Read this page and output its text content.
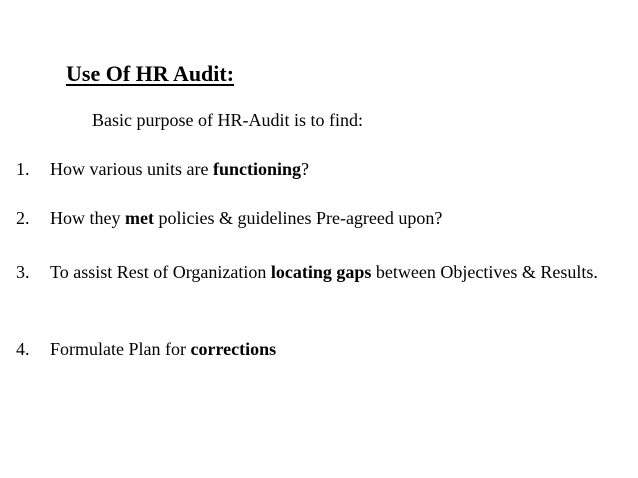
Use Of HR Audit:
Basic purpose of HR-Audit is to find:
1.	How various units are functioning?
2.	How they met policies & guidelines Pre-agreed upon?
3.	To assist Rest of Organization locating gaps between Objectives & Results.
4.	Formulate Plan for corrections
